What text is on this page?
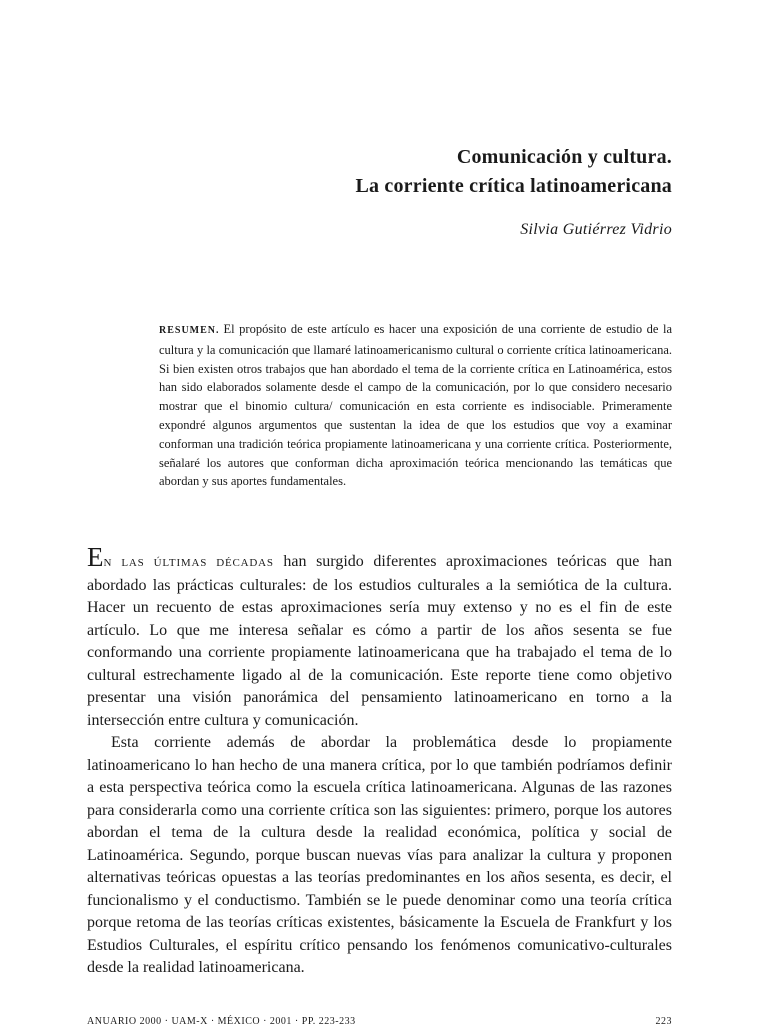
Comunicación y cultura.
La corriente crítica latinoamericana
Silvia Gutiérrez Vidrio
RESUMEN. El propósito de este artículo es hacer una exposición de una corriente de estudio de la cultura y la comunicación que llamaré latinoamericanismo cultural o corriente crítica latinoamericana. Si bien existen otros trabajos que han abordado el tema de la corriente crítica en Latinoamérica, estos han sido elaborados solamente desde el campo de la comunicación, por lo que considero necesario mostrar que el binomio cultura/ comunicación en esta corriente es indisociable. Primeramente expondré algunos argumentos que sustentan la idea de que los estudios que voy a examinar conforman una tradición teórica propiamente latinoamericana y una corriente crítica. Posteriormente, señalaré los autores que conforman dicha aproximación teórica mencionando las temáticas que abordan y sus aportes fundamentales.

EN LAS ÚLTIMAS DÉCADAS han surgido diferentes aproximaciones teóricas que han abordado las prácticas culturales: de los estudios culturales a la semiótica de la cultura. Hacer un recuento de estas aproximaciones sería muy extenso y no es el fin de este artículo. Lo que me interesa señalar es cómo a partir de los años sesenta se fue conformando una corriente propiamente latinoamericana que ha trabajado el tema de lo cultural estrechamente ligado al de la comunicación. Este reporte tiene como objetivo presentar una visión panorámica del pensamiento latinoamericano en torno a la intersección entre cultura y comunicación.

Esta corriente además de abordar la problemática desde lo propiamente latinoamericano lo han hecho de una manera crítica, por lo que también podríamos definir a esta perspectiva teórica como la escuela crítica latinoamericana. Algunas de las razones para considerarla como una corriente crítica son las siguientes: primero, porque los autores abordan el tema de la cultura desde la realidad económica, política y social de Latinoamérica. Segundo, porque buscan nuevas vías para analizar la cultura y proponen alternativas teóricas opuestas a las teorías predominantes en los años sesenta, es decir, el funcionalismo y el conductismo. También se le puede denominar como una teoría crítica porque retoma de las teorías críticas existentes, básicamente la Escuela de Frankfurt y los Estudios Culturales, el espíritu crítico pensando los fenómenos comunicativo-culturales desde la realidad latinoamericana.

ANUARIO 2000 · UAM-X · MÉXICO · 2001 · PP. 223-233	223
